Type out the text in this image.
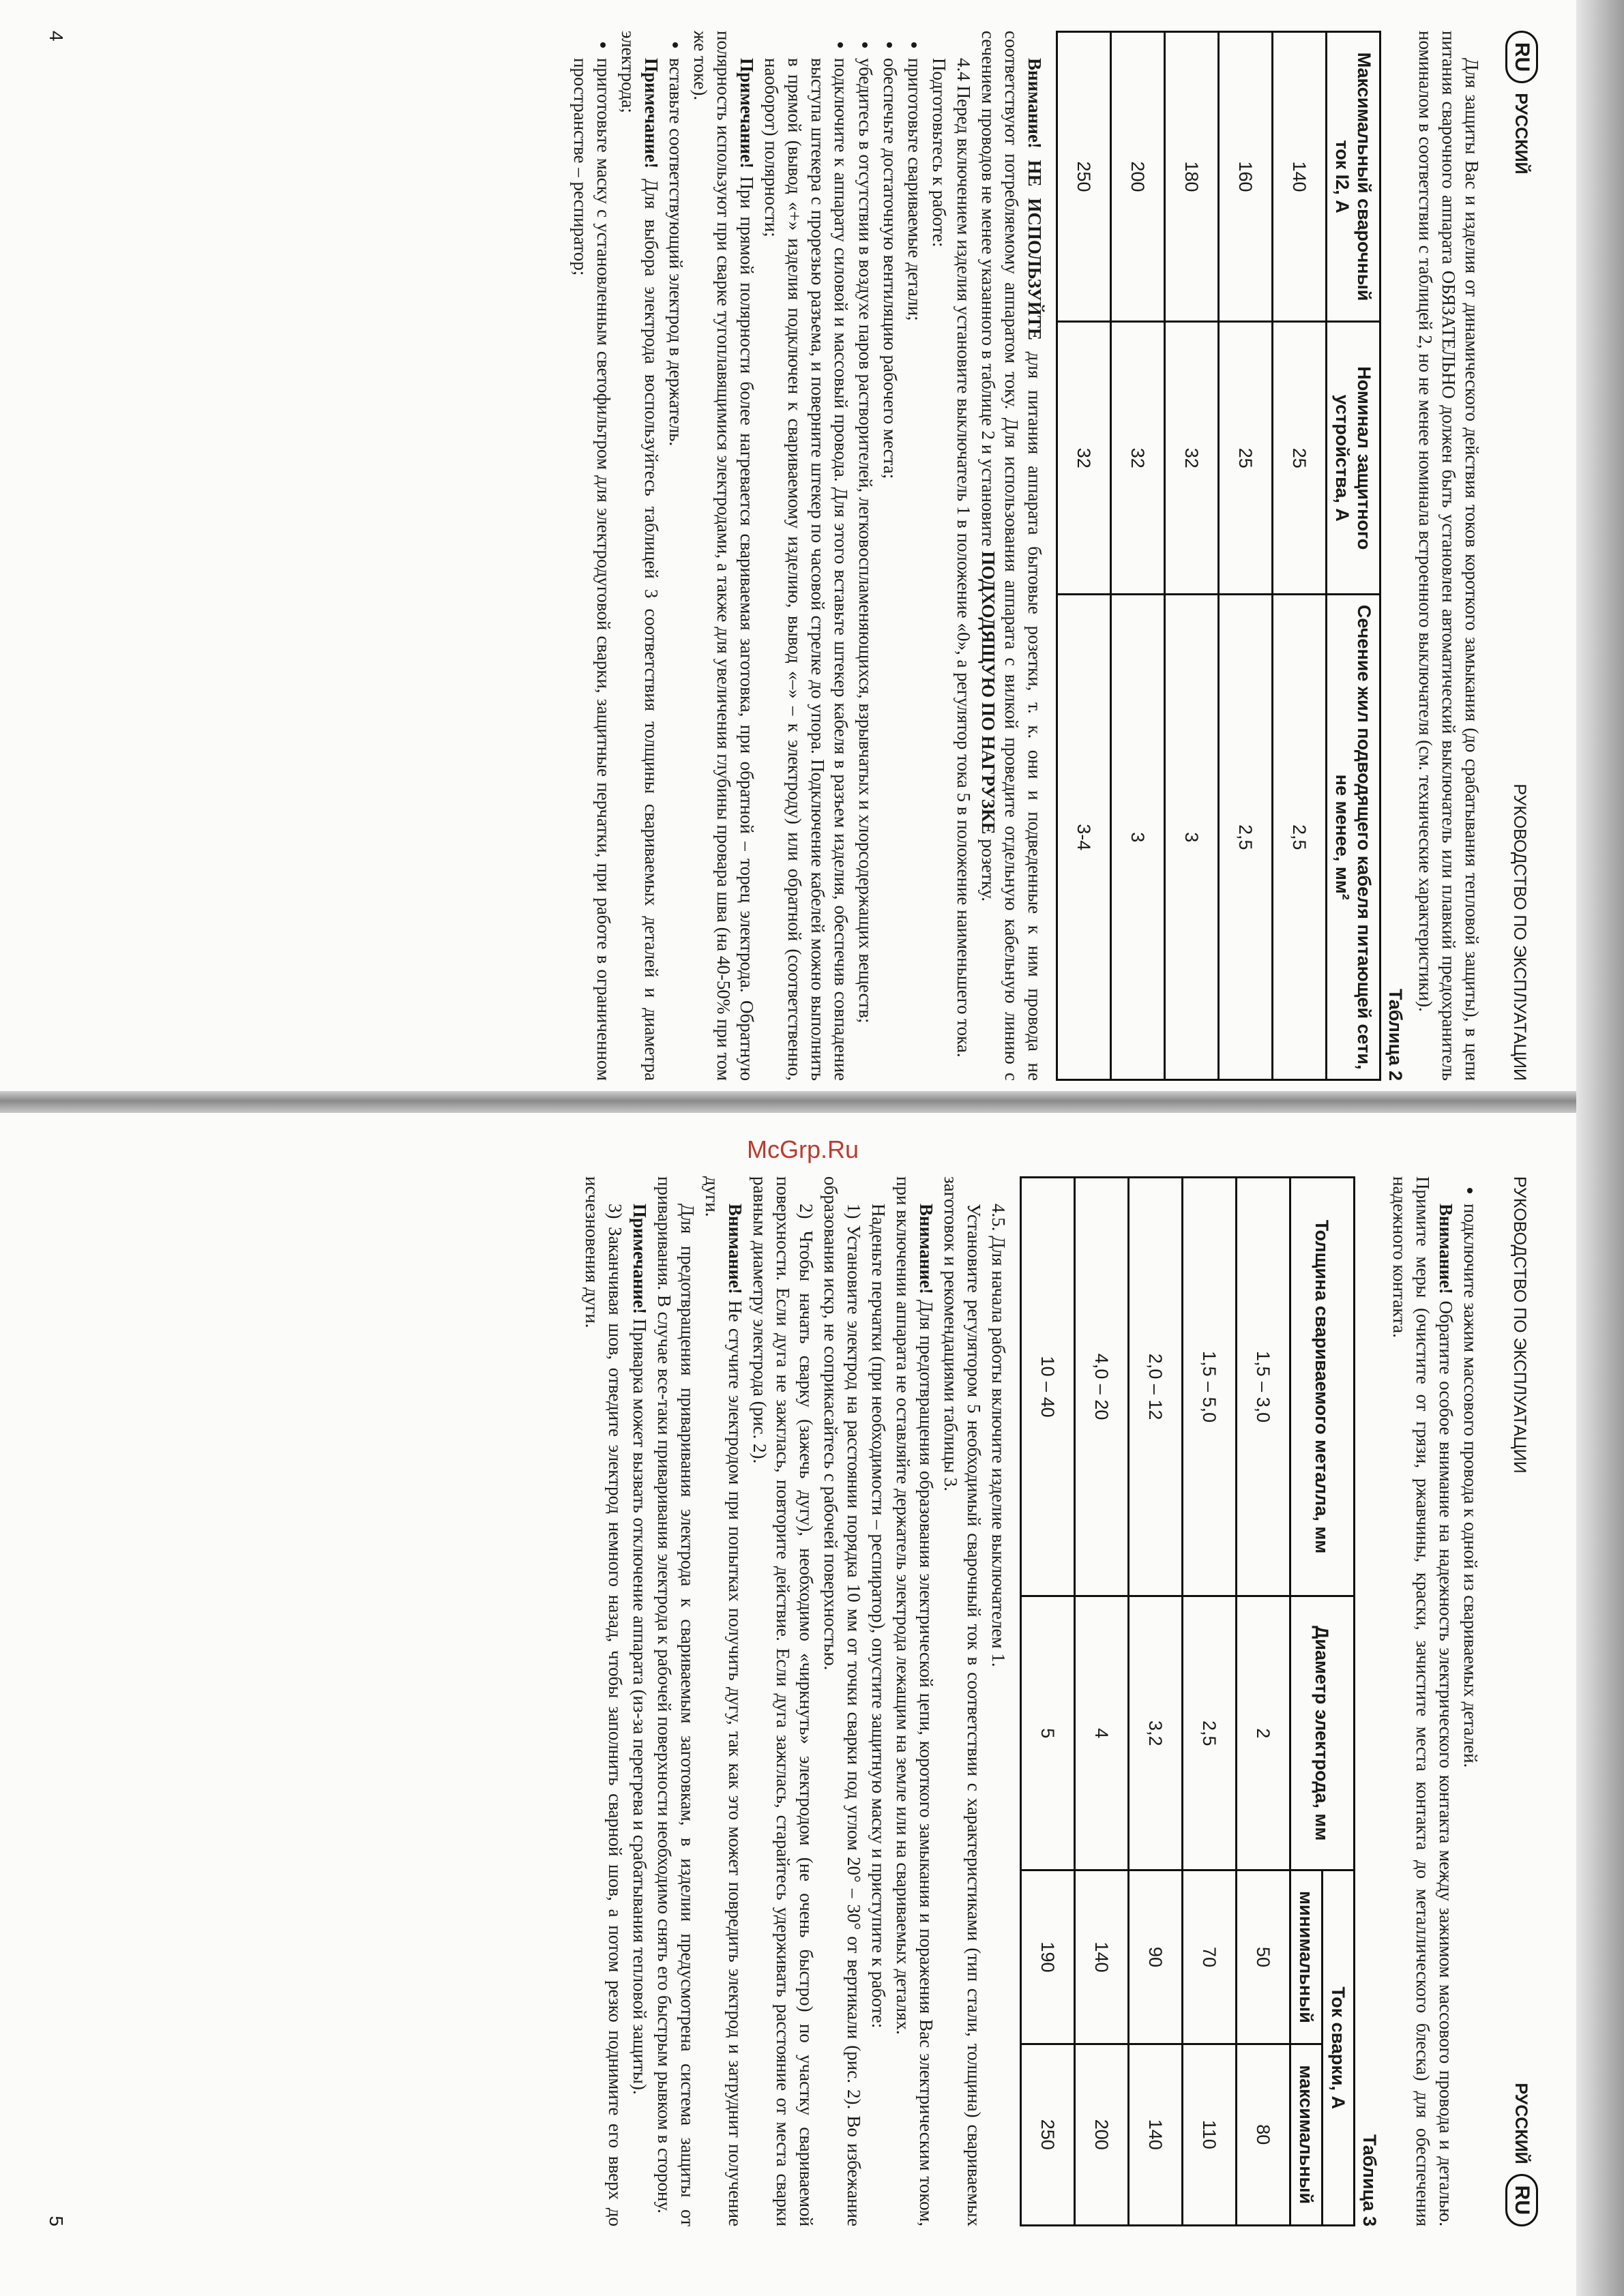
McGrp.Ru
RUРУССКИЙ
РУКОВОДСТВО ПО ЭКСПЛУАТАЦИИ

Для защиты Вас и изделия от динамического действия токов короткого замыкания (до срабатывания тепловой защиты), в цепи питания сварочного аппарата ОБЯЗАТЕЛЬНО должен быть установлен автоматический выключатель или плавкий предохранитель номиналом в соответствии с таблицей 2, но не менее номинала встроенного выключателя (см. технические характеристики).

Таблица 2
Максимальный сварочный ток I2, А	Номинал защитного устройства, А	Сечение жил подводящего кабеля питающей сети, не менее, мм²
140	25	2,5
160	25	2,5
180	32	3
200	32	3
250	32	3-4

Внимание! НЕ ИСПОЛЬЗУЙТЕ для питания аппарата бытовые розетки, т. к. они и подведенные к ним провода не соответствуют потребляемому аппаратом току. Для использования аппарата с вилкой проведите отдельную кабельную линию с сечением проводов не менее указанного в таблице 2 и установите ПОДХОДЯЩУЮ ПО НАГРУЗКЕ розетку.

4.4 Перед включением изделия установите выключатель 1 в положение «0», а регулятор тока 5 в положение наименьшего тока.

Подготовьтесь к работе:

• приготовьте свариваемые детали;
• обеспечьте достаточную вентиляцию рабочего места;
• убедитесь в отсутствии в воздухе паров растворителей, легковоспламеняющихся, взрывчатых и хлорсодержащих веществ;
• подключите к аппарату силовой и массовый провода. Для этого вставьте штекер кабеля в разъем изделия, обеспечив совпадение выступа штекера с прорезью разъема, и поверните штекер по часовой стрелке до упора. Подключение кабелей можно выполнить в прямой (вывод «+» изделия подключен к свариваемому изделию, вывод «–» – к электроду) или обратной (соответственно, наоборот) полярности;

Примечание! При прямой полярности более нагревается свариваемая заготовка, при обратной – торец электрода. Обратную полярность используют при сварке тугоплавящимися электродами, а также для увеличения глубины провара шва (на 40-50% при том же токе).

• вставьте соответствующий электрод в держатель.

Примечание! Для выбора электрода воспользуйтесь таблицей 3 соответствия толщины свариваемых деталей и диаметра электрода;

• приготовьте маску с установленным светофильтром для электродуговой сварки, защитные перчатки, при работе в ограниченном пространстве – респиратор;
4
РУКОВОДСТВО ПО ЭКСПЛУАТАЦИИ
РУССКИЙRU
• подключите зажим массового провода к одной из свариваемых деталей.

Внимание! Обратите особое внимание на надежность электрического контакта между зажимом массового провода и деталью. Примите меры (очистите от грязи, ржавчины, краски, зачистите места контакта до металлического блеска) для обеспечения надежного контакта.

Таблица 3
Толщина свариваемого металла, мм	Диаметр электрода, мм	Ток сварки, А	
		минимальный	максимальный
1,5 – 3,0	2	50	80
1,5 – 5,0	2,5	70	110
2,0 – 12	3,2	90	140
4,0 – 20	4	140	200
10 – 40	5	190	250

4.5. Для начала работы включите изделие выключателем 1.

Установите регулятором 5 необходимый сварочный ток в соответствии с характеристиками (тип стали, толщина) свариваемых заготовок и рекомендациями таблицы 3.

Внимание! Для предотвращения образования электрической цепи, короткого замыкания и поражения Вас электрическим током, при включении аппарата не оставляйте держатель электрода лежащим на земле или на свариваемых деталях.

Наденьте перчатки (при необходимости – респиратор), опустите защитную маску и приступите к работе:

1) Установите электрод на расстоянии порядка 10 мм от точки сварки под углом 20° – 30° от вертикали (рис. 2). Во избежание образования искр, не соприкасайтесь с рабочей поверхностью.

2) Чтобы начать сварку (зажечь дугу), необходимо «чиркнуть» электродом (не очень быстро) по участку свариваемой поверхности. Если дуга не зажглась, повторите действие. Если дуга зажглась, старайтесь удерживать расстояние от места сварки равным диаметру электрода (рис. 2).

Внимание! Не стучите электродом при попытках получить дугу, так как это может повредить электрод и затруднит получение дуги.

Для предотвращения приваривания электрода к свариваемым заготовкам, в изделии предусмотрена система защиты от приваривания. В случае все-таки приваривания электрода к рабочей поверхности необходимо снять его быстрым рывком в сторону.

Примечание! Приварка может вызвать отключение аппарата (из-за перегрева и срабатывания тепловой защиты).

3) Заканчивая шов, отведите электрод немного назад, чтобы заполнить сварной шов, а потом резко поднимите его вверх до исчезновения дуги.

5
